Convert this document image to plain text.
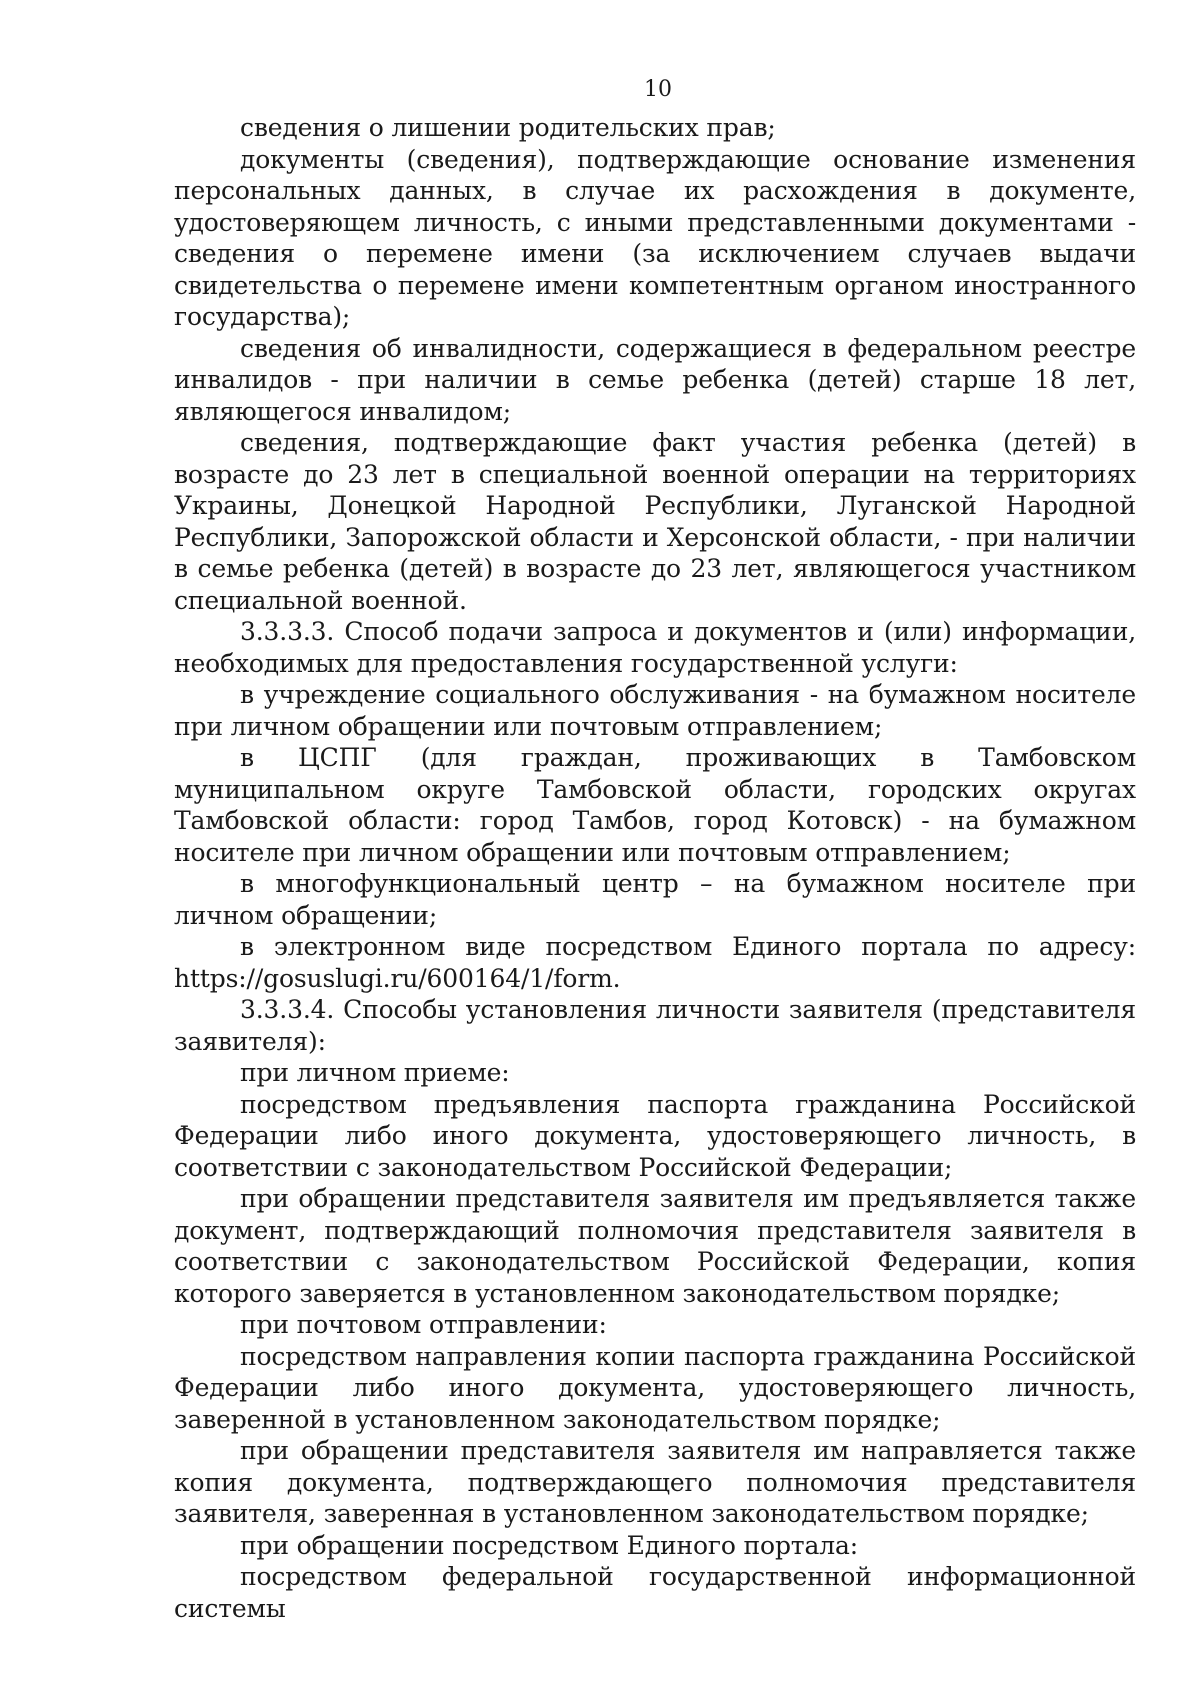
10

сведения о лишении родительских прав;

документы (сведения), подтверждающие основание изменения персональных данных, в случае их расхождения в документе, удостоверяющем личность, с иными представленными документами - сведения о перемене имени (за исключением случаев выдачи свидетельства о перемене имени компетентным органом иностранного государства);

сведения об инвалидности, содержащиеся в федеральном реестре инвалидов - при наличии в семье ребенка (детей) старше 18 лет, являющегося инвалидом;

сведения, подтверждающие факт участия ребенка (детей) в возрасте до 23 лет в специальной военной операции на территориях Украины, Донецкой Народной Республики, Луганской Народной Республики, Запорожской области и Херсонской области, - при наличии в семье ребенка (детей) в возрасте до 23 лет, являющегося участником специальной военной.

3.3.3.3. Способ подачи запроса и документов и (или) информации, необходимых для предоставления государственной услуги:

в учреждение социального обслуживания - на бумажном носителе при личном обращении или почтовым отправлением;

в ЦСПГ (для граждан, проживающих в Тамбовском муниципальном округе Тамбовской области, городских округах Тамбовской области: город Тамбов, город Котовск) - на бумажном носителе при личном обращении или почтовым отправлением;

в многофункциональный центр – на бумажном носителе при личном обращении;

в электронном виде посредством Единого портала по адресу: https://gosuslugi.ru/600164/1/form.

3.3.3.4. Способы установления личности заявителя (представителя заявителя):

при личном приеме:

посредством предъявления паспорта гражданина Российской Федерации либо иного документа, удостоверяющего личность, в соответствии с законодательством Российской Федерации;

при обращении представителя заявителя им предъявляется также документ, подтверждающий полномочия представителя заявителя в соответствии с законодательством Российской Федерации, копия которого заверяется в установленном законодательством порядке;

при почтовом отправлении:

посредством направления копии паспорта гражданина Российской Федерации либо иного документа, удостоверяющего личность, заверенной в установленном законодательством порядке;

при обращении представителя заявителя им направляется также копия документа, подтверждающего полномочия представителя заявителя, заверенная в установленном законодательством порядке;

при обращении посредством Единого портала:

посредством федеральной государственной информационной системы
